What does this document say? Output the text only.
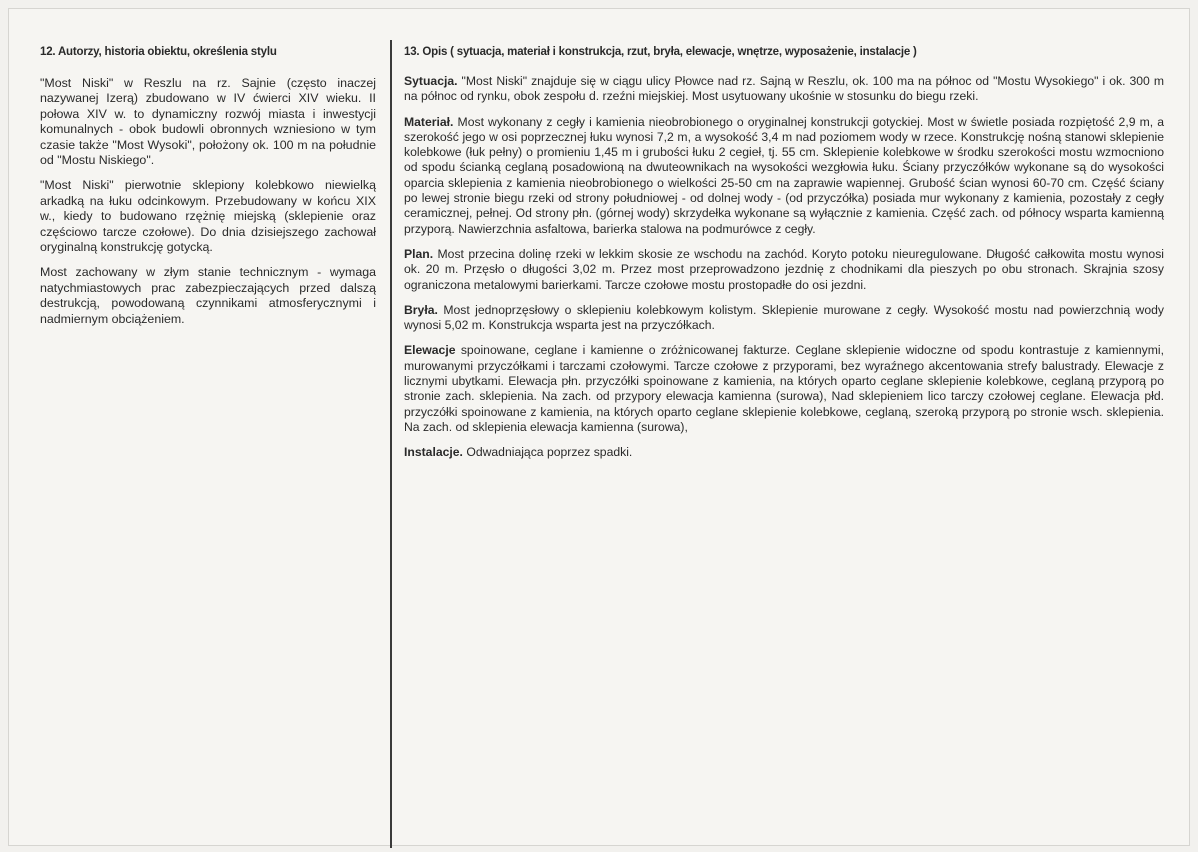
12. Autorzy, historia obiektu, określenia stylu

"Most Niski" w Reszlu na rz. Sajnie (często inaczej nazywanej Izerą) zbudowano w IV ćwierci XIV wieku. II połowa XIV w. to dynamiczny rozwój miasta i inwestycji komunalnych - obok budowli obronnych wzniesiono w tym czasie także "Most Wysoki", położony ok. 100 m na południe od "Mostu Niskiego".

"Most Niski" pierwotnie sklepiony kolebkowo niewielką arkadką na łuku odcinkowym. Przebudowany w końcu XIX w., kiedy to budowano rzężnię miejską (sklepienie oraz częściowo tarcze czołowe). Do dnia dzisiejszego zachował oryginalną konstrukcję gotycką.

Most zachowany w złym stanie technicznym - wymaga natychmiastowych prac zabezpieczających przed dalszą destrukcją, powodowaną czynnikami atmosferycznymi i nadmiernym obciążeniem.

13. Opis ( sytuacja, materiał i konstrukcja, rzut, bryła, elewacje, wnętrze, wyposażenie, instalacje )

Sytuacja. "Most Niski" znajduje się w ciągu ulicy Płowce nad rz. Sajną w Reszlu, ok. 100 ma na północ od "Mostu Wysokiego" i ok. 300 m na północ od rynku, obok zespołu d. rzeźni miejskiej. Most usytuowany ukośnie w stosunku do biegu rzeki.

Materiał. Most wykonany z cegły i kamienia nieobrobionego o oryginalnej konstrukcji gotyckiej. Most w świetle posiada rozpiętość 2,9 m, a szerokość jego w osi poprzecznej łuku wynosi 7,2 m, a wysokość 3,4 m nad poziomem wody w rzece. Konstrukcję nośną stanowi sklepienie kolebkowe (łuk pełny) o promieniu 1,45 m i grubości łuku 2 cegieł, tj. 55 cm. Sklepienie kolebkowe w środku szerokości mostu wzmocniono od spodu ścianką ceglaną posadowioną na dwuteownikach na wysokości wezgłowia łuku. Ściany przyczółków wykonane są do wysokości oparcia sklepienia z kamienia nieobrobionego o wielkości 25-50 cm na zaprawie wapiennej. Grubość ścian wynosi 60-70 cm. Część ściany po lewej stronie biegu rzeki od strony południowej - od dolnej wody - (od przyczółka) posiada mur wykonany z kamienia, pozostały z cegły ceramicznej, pełnej. Od strony płn. (górnej wody) skrzydełka wykonane są wyłącznie z kamienia. Część zach. od północy wsparta kamienną przyporą. Nawierzchnia asfaltowa, barierka stalowa na podmurówce z cegły.

Plan. Most przecina dolinę rzeki w lekkim skosie ze wschodu na zachód. Koryto potoku nieuregulowane. Długość całkowita mostu wynosi ok. 20 m. Przęsło o długości 3,02 m. Przez most przeprowadzono jezdnię z chodnikami dla pieszych po obu stronach. Skrajnia szosy ograniczona metalowymi barierkami. Tarcze czołowe mostu prostopadłe do osi jezdni.

Bryła. Most jednoprzęsłowy o sklepieniu kolebkowym kolistym. Sklepienie murowane z cegły. Wysokość mostu nad powierzchnią wody wynosi 5,02 m. Konstrukcja wsparta jest na przyczółkach.

Elewacje spoinowane, ceglane i kamienne o zróżnicowanej fakturze. Ceglane sklepienie widoczne od spodu kontrastuje z kamiennymi, murowanymi przyczółkami i tarczami czołowymi. Tarcze czołowe z przyporami, bez wyraźnego akcentowania strefy balustrady. Elewacje z licznymi ubytkami. Elewacja płn. przyczółki spoinowane z kamienia, na których oparto ceglane sklepienie kolebkowe, ceglaną przyporą po stronie zach. sklepienia. Na zach. od przypory elewacja kamienna (surowa), Nad sklepieniem lico tarczy czołowej ceglane. Elewacja płd. przyczółki spoinowane z kamienia, na których oparto ceglane sklepienie kolebkowe, ceglaną, szeroką przyporą po stronie wsch. sklepienia. Na zach. od sklepienia elewacja kamienna (surowa),

Instalacje. Odwadniająca poprzez spadki.
